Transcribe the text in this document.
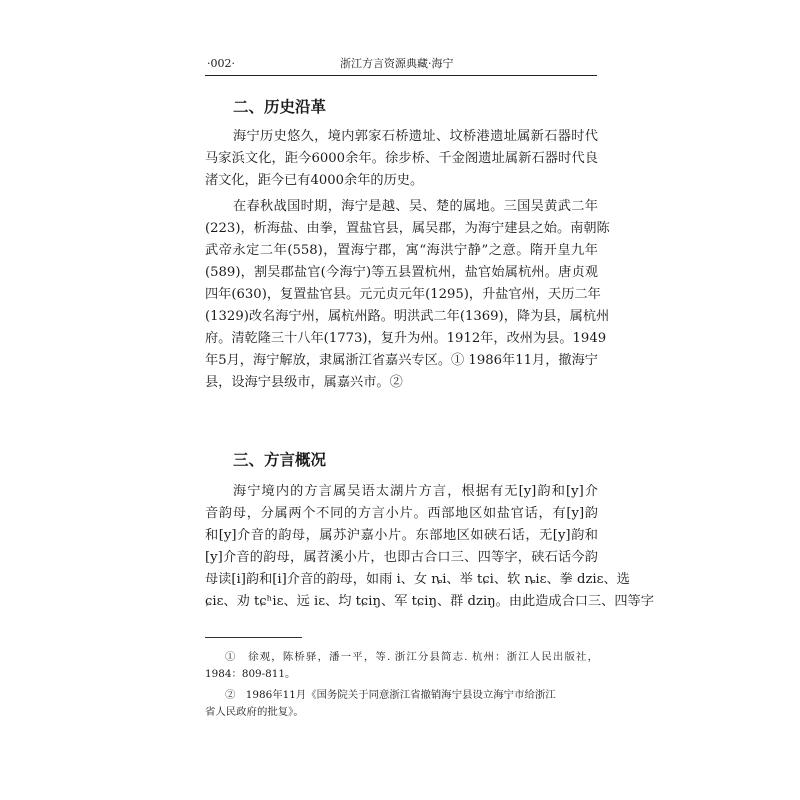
·002·	浙江方言资源典藏·海宁
二、历史沿革
海宁历史悠久，境内郭家石桥遗址、坟桥港遗址属新石器时代
马家浜文化，距今6000余年。徐步桥、千金阁遗址属新石器时代良
渚文化，距今已有4000余年的历史。
在春秋战国时期，海宁是越、吴、楚的属地。三国吴黄武二年
(223)，析海盐、由拳，置盐官县，属吴郡，为海宁建县之始。南朝陈
武帝永定二年(558)，置海宁郡，寓“海洪宁静”之意。隋开皇九年
(589)，割吴郡盐官(今海宁)等五县置杭州，盐官始属杭州。唐贞观
四年(630)，复置盐官县。元元贞元年(1295)，升盐官州，天历二年
(1329)改名海宁州，属杭州路。明洪武二年(1369)，降为县，属杭州
府。清乾隆三十八年(1773)，复升为州。1912年，改州为县。1949
年5月，海宁解放，隶属浙江省嘉兴专区。① 1986年11月，撤海宁
县，设海宁县级市，属嘉兴市。②
三、方言概况
海宁境内的方言属吴语太湖片方言，根据有无[y]韵和[y]介
音韵母，分属两个不同的方言小片。西部地区如盐官话，有[y]韵
和[y]介音的韵母，属苏沪嘉小片。东部地区如硖石话，无[y]韵和
[y]介音的韵母，属苕溪小片，也即古合口三、四等字，硖石话今韵
母读[i]韵和[i]介音的韵母，如雨 i、女 ȵi、举 tɕi、软 ȵiɛ、拳 dziɛ、选
ɕiɛ、劝 tɕʰiɛ、远 iɛ、均 tɕiŋ、军 tɕiŋ、群 dziŋ。由此造成合口三、四等字
①　 徐观，陈桥驿，潘一平，等. 浙江分县简志. 杭州：浙江人民出版社，
1984：809-811。
②　 1986年11月《国务院关于同意浙江省撤销海宁县设立海宁市给浙江
省人民政府的批复》。
